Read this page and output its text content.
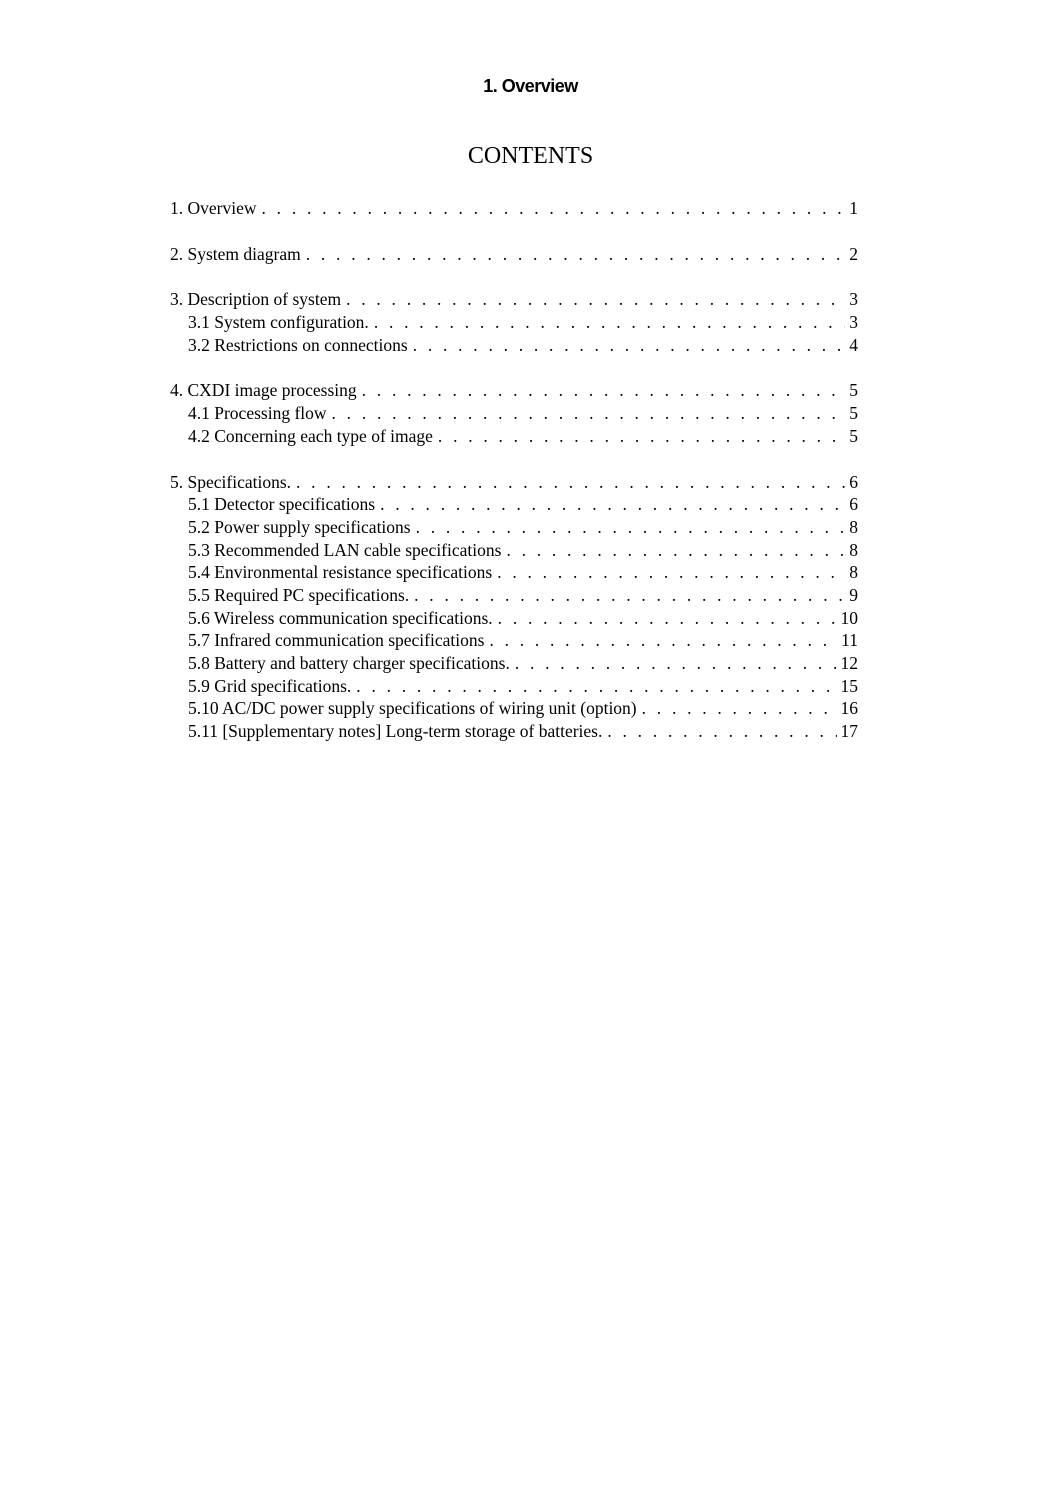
1. Overview
CONTENTS
1. Overview . . .	1
2. System diagram . . .	2
3. Description of system . . .	3
3.1 System configuration. . . .	3
3.2 Restrictions on connections . . .	4
4. CXDI image processing . . .	5
4.1 Processing flow . . .	5
4.2 Concerning each type of image . . .	5
5. Specifications. . . .	6
5.1 Detector specifications . . .	6
5.2 Power supply specifications . . .	8
5.3 Recommended LAN cable specifications . . .	8
5.4 Environmental resistance specifications . . .	8
5.5 Required PC specifications. . . .	9
5.6 Wireless communication specifications. . . .	10
5.7 Infrared communication specifications . . .	11
5.8 Battery and battery charger specifications. . . .	12
5.9 Grid specifications. . . .	15
5.10 AC/DC power supply specifications of wiring unit (option) . . .	16
5.11 [Supplementary notes] Long-term storage of batteries. . . .	17
